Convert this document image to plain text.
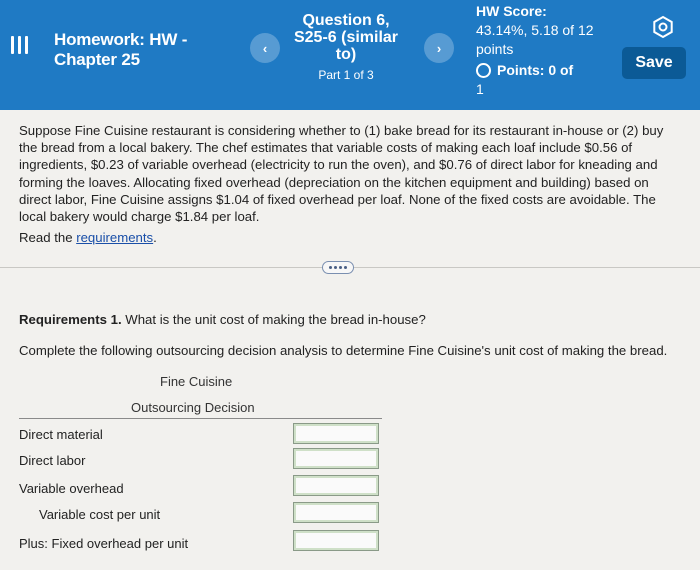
Homework: HW - Chapter 25
‹
Question 6, S25-6 (similar to)
Part 1 of 3
›
HW Score:
43.14%, 5.18 of 12 points
Points: 0 of
1
Save

Suppose Fine Cuisine restaurant is considering whether to (1) bake bread for its restaurant in-house or (2) buy the bread from a local bakery. The chef estimates that variable costs of making each loaf include $0.56 of ingredients, $0.23 of variable overhead (electricity to run the oven), and $0.76 of direct labor for kneading and forming the loaves. Allocating fixed overhead (depreciation on the kitchen equipment and building) based on direct labor, Fine Cuisine assigns $1.04 of fixed overhead per loaf. None of the fixed costs are avoidable. The local bakery would charge $1.84 per loaf.

Read the requirements.
Requirements 1. What is the unit cost of making the bread in-house?
Complete the following outsourcing decision analysis to determine Fine Cuisine's unit cost of making the bread.
Fine Cuisine
Outsourcing Decision
Direct material
Direct labor
Variable overhead
Variable cost per unit
Plus: Fixed overhead per unit
